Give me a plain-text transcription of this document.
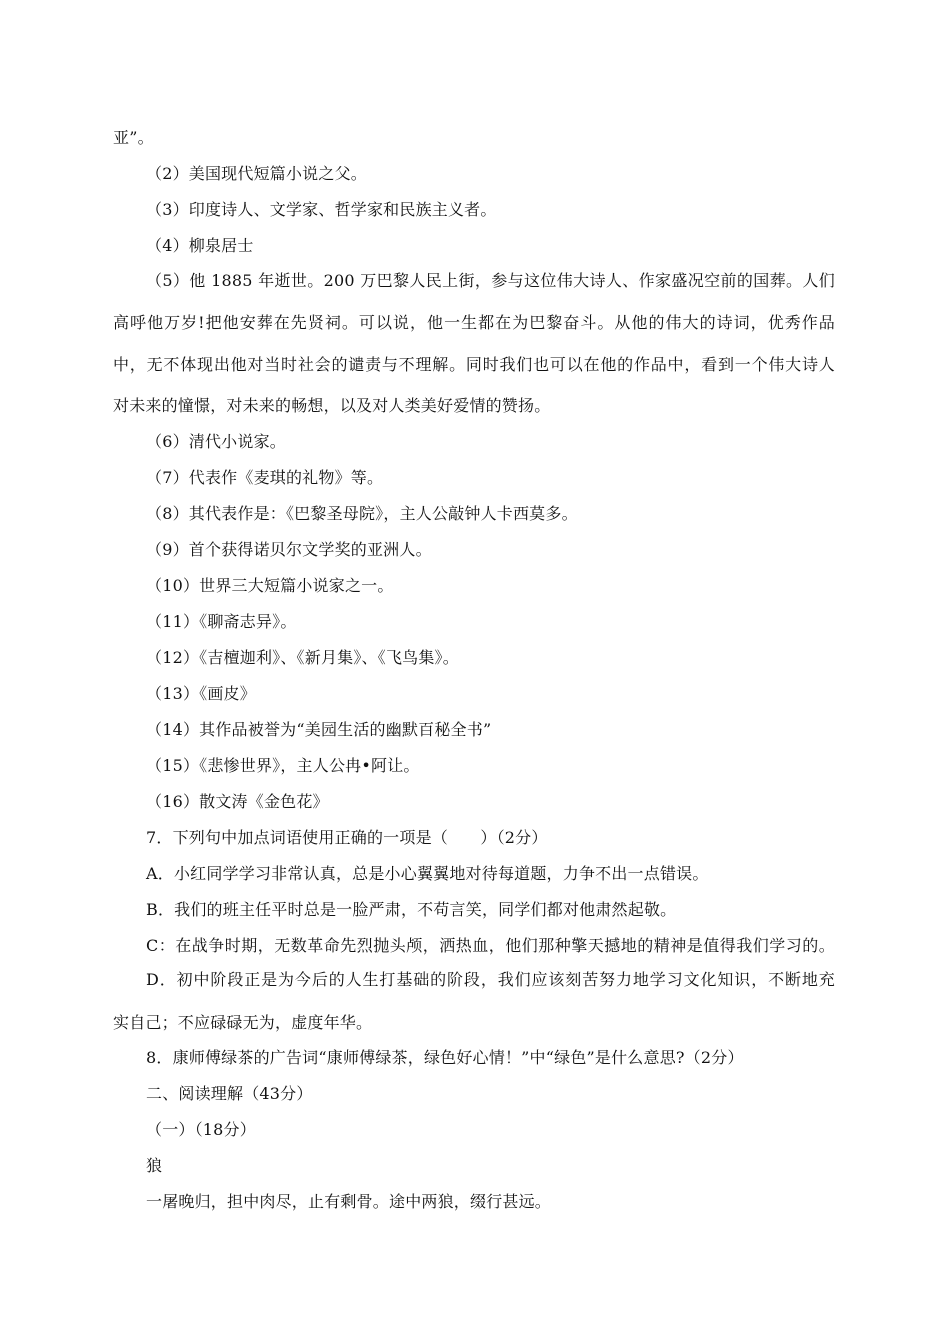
亚”。
（2）美国现代短篇小说之父。
（3）印度诗人、文学家、哲学家和民族主义者。
（4）柳泉居士
（5）他 1885 年逝世。200 万巴黎人民上街，参与这位伟大诗人、作家盛况空前的国葬。人们
高呼他万岁!把他安葬在先贤祠。可以说，他一生都在为巴黎奋斗。从他的伟大的诗词，优秀作品
中，无不体现出他对当时社会的谴责与不理解。同时我们也可以在他的作品中，看到一个伟大诗人
对未来的憧憬，对未来的畅想，以及对人类美好爱情的赞扬。
（6）清代小说家。
（7）代表作《麦琪的礼物》等。
（8）其代表作是：《巴黎圣母院》，主人公敲钟人卡西莫多。
（9）首个获得诺贝尔文学奖的亚洲人。
（10）世界三大短篇小说家之一。
（11）《聊斋志异》。
（12）《吉檀迦利》、《新月集》、《飞鸟集》。
（13）《画皮》
（14）其作品被誉为“美园生活的幽默百秘全书”
（15）《悲惨世界》，主人公冉•阿让。
（16）散文涛《金色花》
7．下列句中加点词语使用正确的一项是（　　）（2分）
A．小红同学学习非常认真，总是小心翼翼地对待每道题，力争不出一点错误。
B．我们的班主任平时总是一脸严肃，不苟言笑，同学们都对他肃然起敬。
C：在战争时期，无数革命先烈抛头颅，洒热血，他们那种擎天撼地的精神是值得我们学习的。
D．初中阶段正是为今后的人生打基础的阶段，我们应该刻苦努力地学习文化知识，不断地充
实自己；不应碌碌无为，虚度年华。
8．康师傅绿茶的广告词“康师傅绿茶，绿色好心情！”中“绿色”是什么意思?（2分）
二、阅读理解（43分）
（一）（18分）
狼
一屠晚归，担中肉尽，止有剩骨。途中两狼，缀行甚远。
